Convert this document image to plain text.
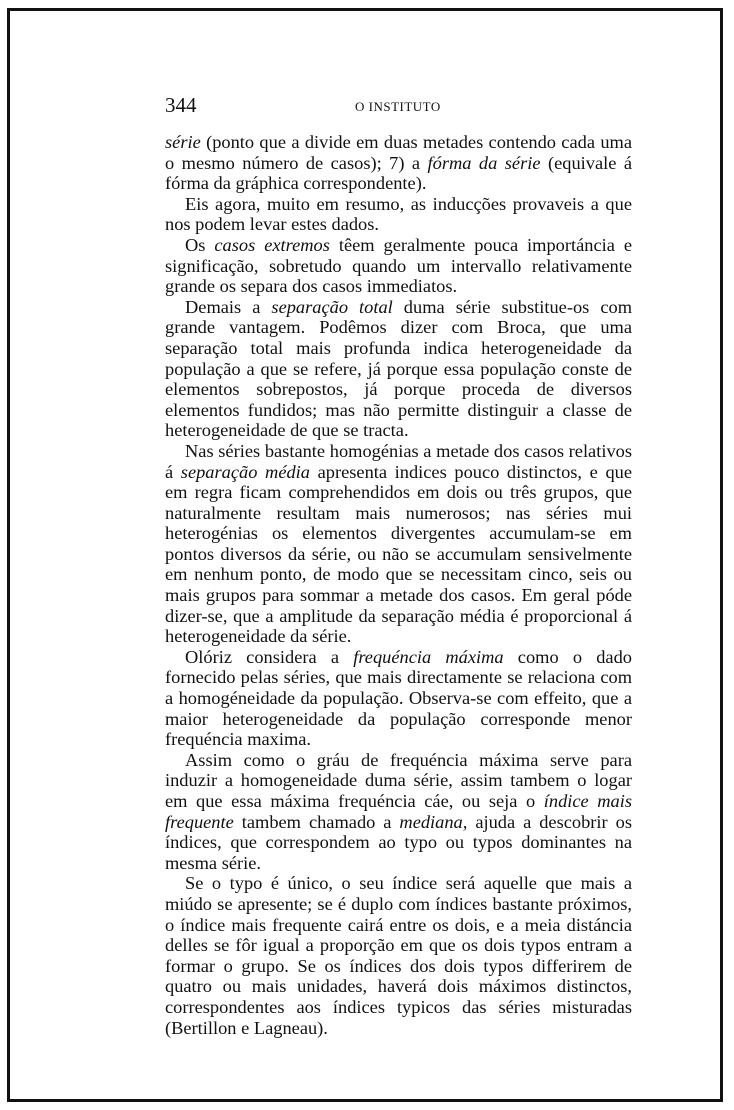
344	O INSTITUTO

série (ponto que a divide em duas metades contendo cada uma o mesmo número de casos); 7) a fórma da série (equivale á fórma da gráphica correspondente).

Eis agora, muito em resumo, as inducções provaveis a que nos podem levar estes dados.

Os casos extremos têem geralmente pouca importáncia e significação, sobretudo quando um intervallo relativamente grande os separa dos casos immediatos.

Demais a separação total duma série substitue-os com grande vantagem. Podêmos dizer com Broca, que uma separação total mais profunda indica heterogeneidade da população a que se refere, já porque essa população conste de elementos sobrepostos, já porque proceda de diversos elementos fundidos; mas não permitte distinguir a classe de heterogeneidade de que se tracta.

Nas séries bastante homogénias a metade dos casos relativos á separação média apresenta indices pouco distinctos, e que em regra ficam comprehendidos em dois ou três grupos, que naturalmente resultam mais numerosos; nas séries mui heterogénias os elementos divergentes accumulam-se em pontos diversos da série, ou não se accumulam sensivelmente em nenhum ponto, de modo que se necessitam cinco, seis ou mais grupos para sommar a metade dos casos. Em geral póde dizer-se, que a amplitude da separação média é proporcional á heterogeneidade da série.

Olóriz considera a frequéncia máxima como o dado fornecido pelas séries, que mais directamente se relaciona com a homogéneidade da população. Observa-se com effeito, que a maior heterogeneidade da população corresponde menor frequéncia maxima.

Assim como o gráu de frequéncia máxima serve para induzir a homogeneidade duma série, assim tambem o logar em que essa máxima frequéncia cáe, ou seja o índice mais frequente tambem chamado a mediana, ajuda a descobrir os índices, que correspondem ao typo ou typos dominantes na mesma série.

Se o typo é único, o seu índice será aquelle que mais a miúdo se apresente; se é duplo com índices bastante próximos, o índice mais frequente cairá entre os dois, e a meia distáncia delles se fôr igual a proporção em que os dois typos entram a formar o grupo. Se os índices dos dois typos differirem de quatro ou mais unidades, haverá dois máximos distinctos, correspondentes aos índices typicos das séries misturadas (Bertillon e Lagneau).
